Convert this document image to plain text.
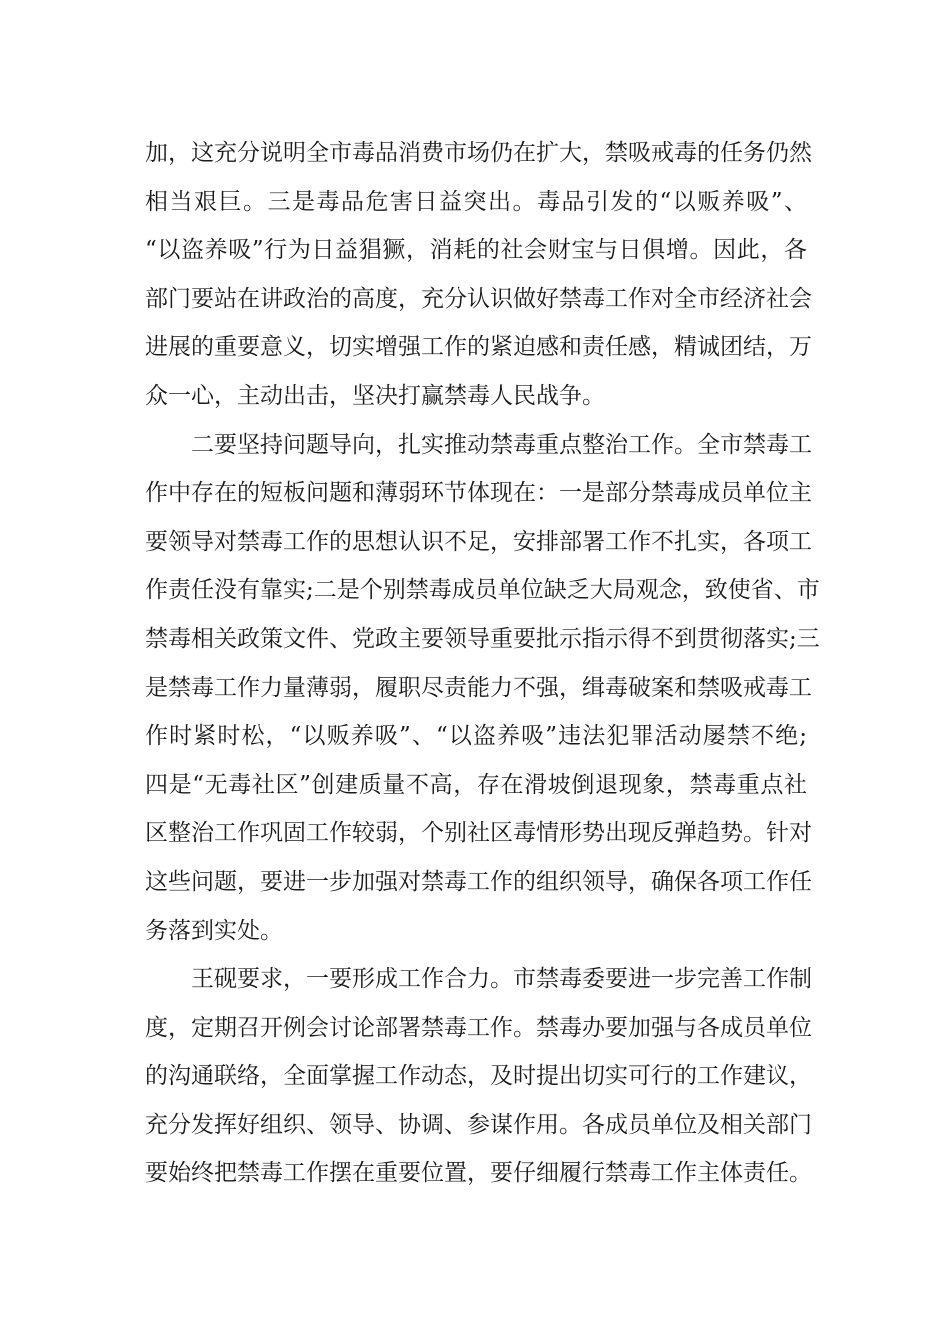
加，这充分说明全市毒品消费市场仍在扩大，禁吸戒毒的任务仍然
相当艰巨。三是毒品危害日益突出。毒品引发的“以贩养吸”、
“以盗养吸”行为日益猖獗，消耗的社会财宝与日俱增。因此，各
部门要站在讲政治的高度，充分认识做好禁毒工作对全市经济社会
进展的重要意义，切实增强工作的紧迫感和责任感，精诚团结，万
众一心，主动出击，坚决打赢禁毒人民战争。
二要坚持问题导向，扎实推动禁毒重点整治工作。全市禁毒工
作中存在的短板问题和薄弱环节体现在：一是部分禁毒成员单位主
要领导对禁毒工作的思想认识不足，安排部署工作不扎实，各项工
作责任没有靠实;二是个别禁毒成员单位缺乏大局观念，致使省、市
禁毒相关政策文件、党政主要领导重要批示指示得不到贯彻落实;三
是禁毒工作力量薄弱，履职尽责能力不强，缉毒破案和禁吸戒毒工
作时紧时松，“以贩养吸”、“以盗养吸”违法犯罪活动屡禁不绝;
四是“无毒社区”创建质量不高，存在滑坡倒退现象，禁毒重点社
区整治工作巩固工作较弱，个别社区毒情形势出现反弹趋势。针对
这些问题，要进一步加强对禁毒工作的组织领导，确保各项工作任
务落到实处。
王砚要求，一要形成工作合力。市禁毒委要进一步完善工作制
度，定期召开例会讨论部署禁毒工作。禁毒办要加强与各成员单位
的沟通联络，全面掌握工作动态，及时提出切实可行的工作建议，
充分发挥好组织、领导、协调、参谋作用。各成员单位及相关部门
要始终把禁毒工作摆在重要位置，要仔细履行禁毒工作主体责任。
